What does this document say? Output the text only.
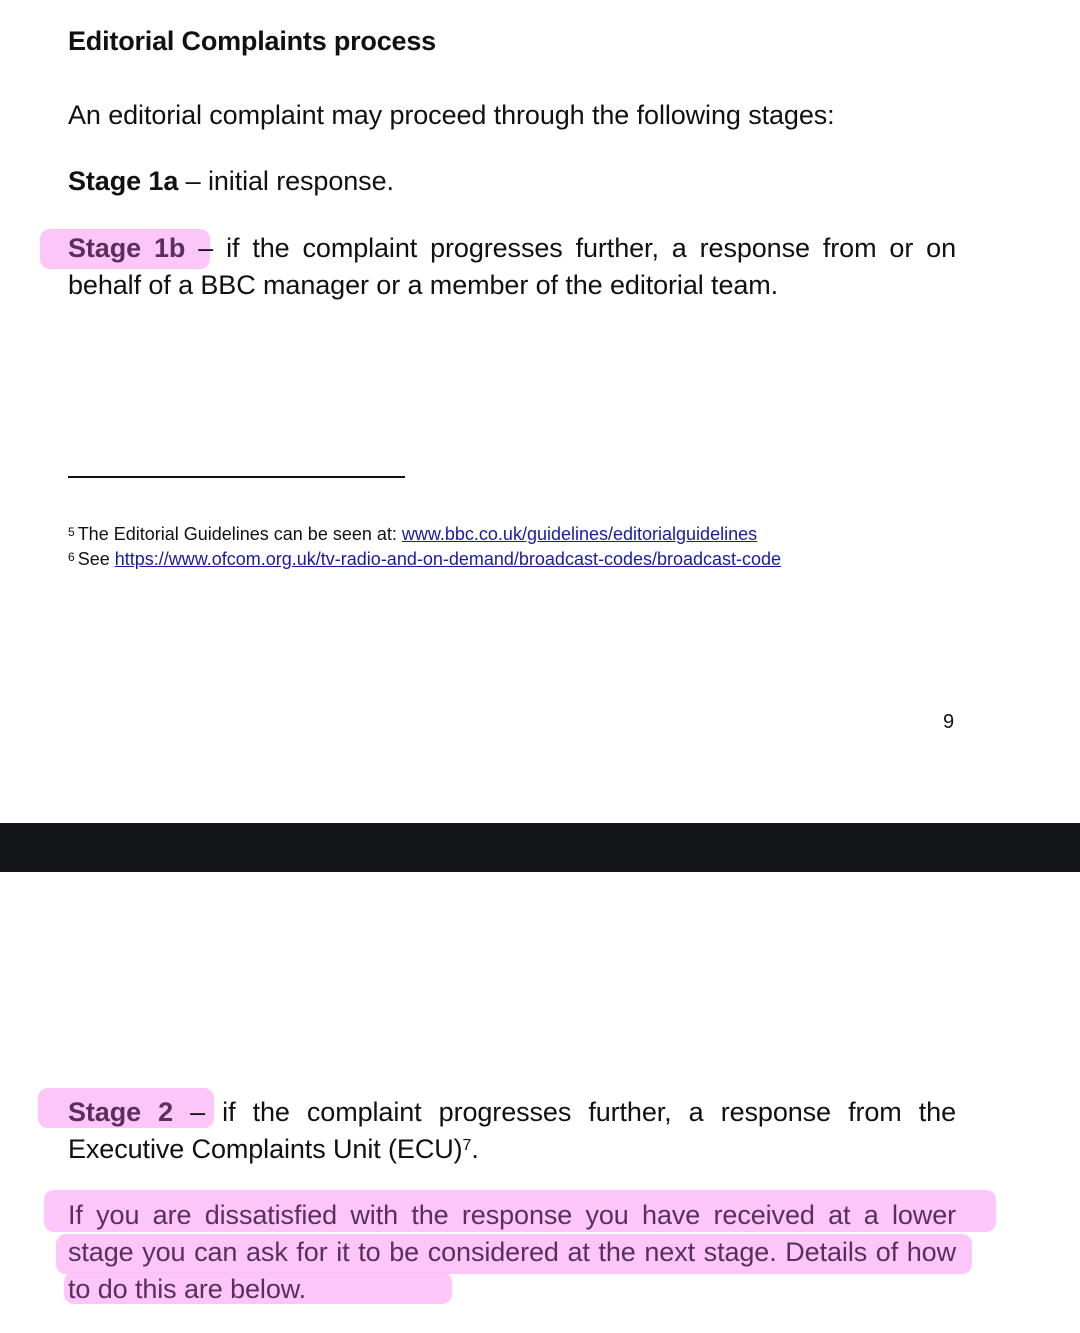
Editorial Complaints process
An editorial complaint may proceed through the following stages:
Stage 1a – initial response.
Stage 1b – if the complaint progresses further, a response from or on behalf of a BBC manager or a member of the editorial team.
$^5$ The Editorial Guidelines can be seen at: www.bbc.co.uk/guidelines/editorialguidelines
$^6$ See https://www.ofcom.org.uk/tv-radio-and-on-demand/broadcast-codes/broadcast-code
9
Stage 2 – if the complaint progresses further, a response from the Executive Complaints Unit (ECU)$^7$.
If you are dissatisfied with the response you have received at a lower stage you can ask for it to be considered at the next stage. Details of how to do this are below.
